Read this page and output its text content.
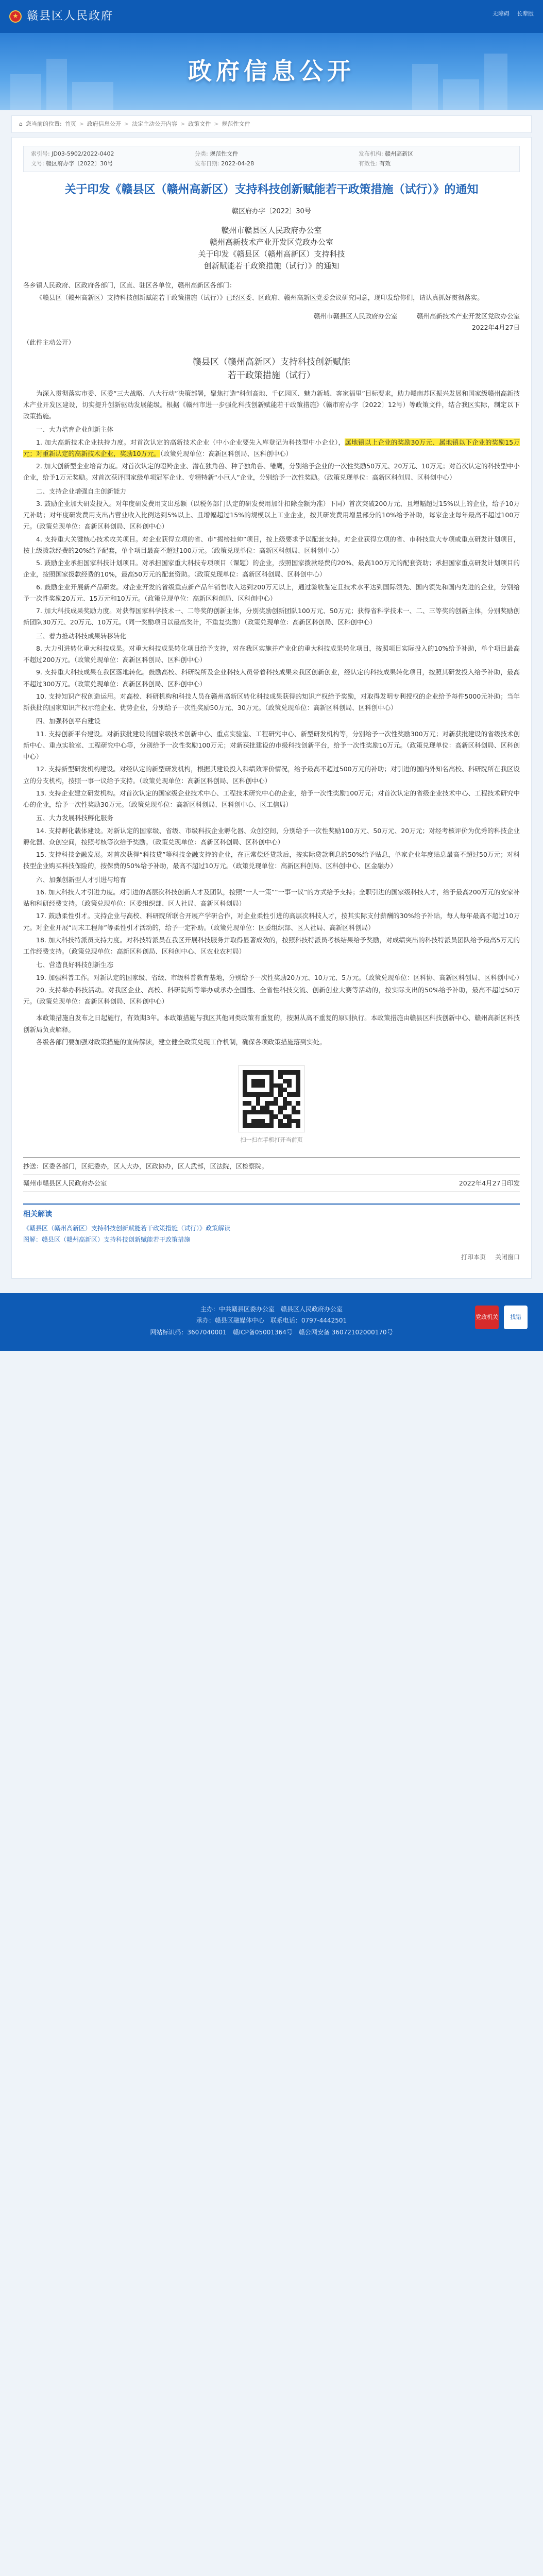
★ 赣县区人民政府	无障碍 长辈版
政府信息公开
⌂ 您当前的位置: 首页 > 政府信息公开 > 法定主动公开内容 > 政策文件 > 规范性文件
索引号: JD03-5902/2022-0402	分类: 规范性文件	发布机构: 赣州高新区
文号: 赣区府办字〔2022〕30号	发布日期: 2022-04-28	有效性: 有效
关于印发《赣县区（赣州高新区）支持科技创新赋能若干政策措施（试行）》的通知
赣区府办字〔2022〕30号
赣州市赣县区人民政府办公室
赣州高新技术产业开发区党政办公室
关于印发《赣县区（赣州高新区）支持科技
创新赋能若干政策措施（试行）》的通知
各乡镇人民政府、区政府各部门，区直、驻区各单位，赣州高新区各部门：
《赣县区（赣州高新区）支持科技创新赋能若干政策措施（试行）》已经区委、区政府、赣州高新区党委会议研究同意，现印发给你们，请认真抓好贯彻落实。
赣州市赣县区人民政府办公室　　　赣州高新技术产业开发区党政办公室
2022年4月27日
（此件主动公开）
赣县区（赣州高新区）支持科技创新赋能
若干政策措施（试行）
为深入贯彻落实市委、区委“三大战略、八大行动”决策部署，聚焦打造“科创高地、千亿园区、魅力新城、客家福里”目标要求，助力赣南苏区振兴发展和国家级赣州高新技术产业开发区建设，切实提升创新驱动发展能级。根据《赣州市进一步强化科技创新赋能若干政策措施》（赣市府办字〔2022〕12号）等政策文件，结合我区实际，制定以下政策措施。
一、大力培育企业创新主体
1. 加大高新技术企业扶持力度。对首次认定的高新技术企业（中小企业要先入库登记为科技型中小企业），属地镇以上企业的奖励30万元、属地镇以下企业的奖励15万元；对重新认定的高新技术企业，奖励10万元。（政策兑现单位：高新区科创局、区科创中心）
2. 加大创新型企业培育力度。对首次认定的瞪羚企业、潜在独角兽、种子独角兽、雏鹰，分别给予企业的一次性奖励50万元、20万元、10万元；对首次认定的科技型中小企业，给予1万元奖励。对首次获评国家级单项冠军企业、专精特新“小巨人”企业，分别给予一次性奖励。（政策兑现单位：高新区科创局、区科创中心）
二、支持企业增强自主创新能力
3. 鼓励企业加大研发投入。对年度研发费用支出总额（以税务部门认定的研发费用加计扣除金额为准）下同）首次突破200万元、且增幅超过15%以上的企业，给予10万元补助；对年度研发费用支出占营业收入比例达到5%以上、且增幅超过15%的规模以上工业企业，按其研发费用增量部分的10%给予补助，每家企业每年最高不超过100万元。（政策兑现单位：高新区科创局、区科创中心）
4. 支持重大关键核心技术攻关项目。对企业获得立项的省、市“揭榜挂帅”项目，按上级要求予以配套支持。对企业获得立项的省、市科技重大专项或重点研发计划项目，按上级拨款经费的20%给予配套，单个项目最高不超过100万元。（政策兑现单位：高新区科创局、区科创中心）
5. 鼓励企业承担国家科技计划项目。对承担国家重大科技专项项目（课题）的企业，按照国家拨款经费的20%、最高100万元的配套资助；承担国家重点研发计划项目的企业，按照国家拨款经费的10%，最高50万元的配套资助。（政策兑现单位：高新区科创局、区科创中心）
6. 鼓励企业开展新产品研发。对企业开发的省级重点新产品年销售收入达到200万元以上，通过验收鉴定且技术水平达到国际领先、国内领先和国内先进的企业，分别给予一次性奖励20万元、15万元和10万元。（政策兑现单位：高新区科创局、区科创中心）
7. 加大科技成果奖励力度。对获得国家科学技术一、二等奖的创新主体，分别奖励创新团队100万元、50万元；获得省科学技术一、二、三等奖的创新主体，分别奖励创新团队30万元、20万元、10万元。（同一奖励项目以最高奖计，不重复奖励）（政策兑现单位：高新区科创局、区科创中心）
三、着力推动科技成果转移转化
8. 大力引进转化重大科技成果。对重大科技成果转化项目给予支持，对在我区实施并产业化的重大科技成果转化项目，按照项目实际投入的10%给予补助，单个项目最高不超过200万元。（政策兑现单位：高新区科创局、区科创中心）
9. 支持重大科技成果在我区落地转化。鼓励高校、科研院所及企业科技人员带着科技成果来我区创新创业，经认定的科技成果转化项目，按照其研发投入给予补助，最高不超过300万元。（政策兑现单位：高新区科创局、区科创中心）
10. 支持知识产权创造运用。对高校、科研机构和科技人员在赣州高新区转化科技成果获得的知识产权给予奖励，对取得发明专利授权的企业给予每件5000元补助；当年新获批的国家知识产权示范企业、优势企业，分别给予一次性奖励50万元、30万元。（政策兑现单位：高新区科创局、区科创中心）
四、加强科创平台建设
11. 支持创新平台建设。对新获批建设的国家级技术创新中心、重点实验室、工程研究中心、新型研发机构等，分别给予一次性奖励300万元；对新获批建设的省级技术创新中心、重点实验室、工程研究中心等，分别给予一次性奖励100万元；对新获批建设的市级科技创新平台，给予一次性奖励10万元。（政策兑现单位：高新区科创局、区科创中心）
12. 支持新型研发机构建设。对经认定的新型研发机构，根据其建设投入和绩效评价情况，给予最高不超过500万元的补助；对引进的国内外知名高校、科研院所在我区设立的分支机构，按照一事一议给予支持。（政策兑现单位：高新区科创局、区科创中心）
13. 支持企业建立研发机构。对首次认定的国家级企业技术中心、工程技术研究中心的企业，给予一次性奖励100万元；对首次认定的省级企业技术中心、工程技术研究中心的企业，给予一次性奖励30万元。（政策兑现单位：高新区科创局、区科创中心、区工信局）
五、大力发展科技孵化服务
14. 支持孵化载体建设。对新认定的国家级、省级、市级科技企业孵化器、众创空间，分别给予一次性奖励100万元、50万元、20万元；对经考核评价为优秀的科技企业孵化器、众创空间，按照考核等次给予奖励。（政策兑现单位：高新区科创局、区科创中心）
15. 支持科技金融发展。对首次获得“科技贷”等科技金融支持的企业，在正常偿还贷款后，按实际贷款利息的50%给予贴息，单家企业年度贴息最高不超过50万元；对科技型企业购买科技保险的，按保费的50%给予补助，最高不超过10万元。（政策兑现单位：高新区科创局、区科创中心、区金融办）
六、加强创新型人才引进与培育
16. 加大科技人才引进力度。对引进的高层次科技创新人才及团队，按照“一人一策”“一事一议”的方式给予支持；全职引进的国家级科技人才，给予最高200万元的安家补贴和科研经费支持。（政策兑现单位：区委组织部、区人社局、高新区科创局）
17. 鼓励柔性引才。支持企业与高校、科研院所联合开展产学研合作，对企业柔性引进的高层次科技人才，按其实际支付薪酬的30%给予补贴，每人每年最高不超过10万元。对企业开展“周末工程师”等柔性引才活动的，给予一定补助。（政策兑现单位：区委组织部、区人社局、高新区科创局）
18. 加大科技特派员支持力度。对科技特派员在我区开展科技服务并取得显著成效的，按照科技特派员考核结果给予奖励，对成绩突出的科技特派员团队给予最高5万元的工作经费支持。（政策兑现单位：高新区科创局、区科创中心、区农业农村局）
七、营造良好科技创新生态
19. 加强科普工作。对新认定的国家级、省级、市级科普教育基地，分别给予一次性奖励20万元、10万元、5万元。（政策兑现单位：区科协、高新区科创局、区科创中心）
20. 支持举办科技活动。对我区企业、高校、科研院所等举办或承办全国性、全省性科技交流、创新创业大赛等活动的，按实际支出的50%给予补助，最高不超过50万元。（政策兑现单位：高新区科创局、区科创中心）
本政策措施自发布之日起施行，有效期3年。本政策措施与我区其他同类政策有重复的，按照从高不重复的原则执行。本政策措施由赣县区科技创新中心、赣州高新区科技创新局负责解释。
各级各部门要加强对政策措施的宣传解读，建立健全政策兑现工作机制，确保各项政策措施落到实处。
扫一扫在手机打开当前页
抄送：区委各部门，区纪委办，区人大办，区政协办，区人武部，区法院，区检察院。
赣州市赣县区人民政府办公室	2022年4月27日印发
相关解读
《赣县区（赣州高新区）支持科技创新赋能若干政策措施（试行）》政策解读
图解：赣县区（赣州高新区）支持科技创新赋能若干政策措施
打印本页 关闭窗口
主办：中共赣县区委办公室　赣县区人民政府办公室
承办：赣县区融媒体中心　联系电话：0797-4442501
网站标识码：3607040001　赣ICP备05001364号　赣公网安备 36072102000170号
党政机关	找错
